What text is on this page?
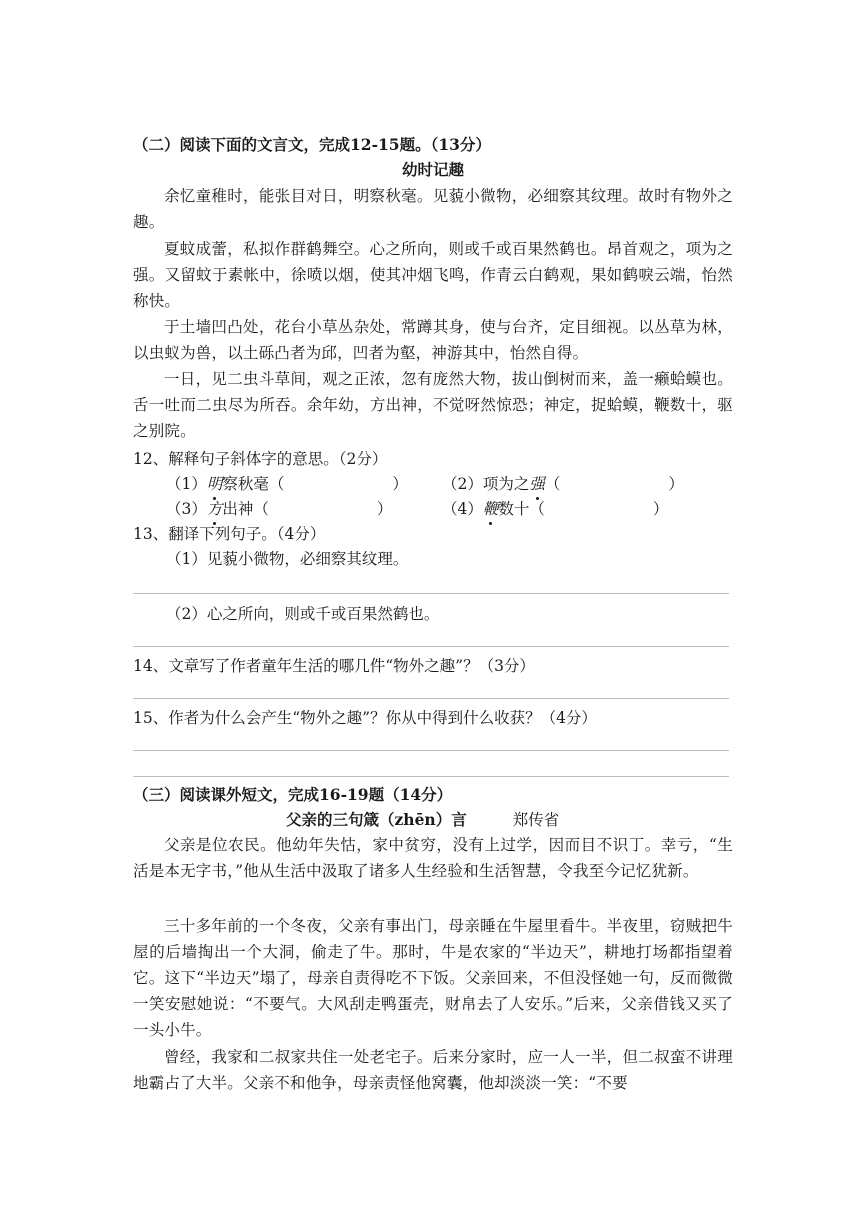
（二）阅读下面的文言文，完成12-15题。（13分）
幼时记趣
余忆童稚时，能张目对日，明察秋毫。见藐小微物，必细察其纹理。故时有物外之趣。
夏蚊成蕾，私拟作群鹤舞空。心之所向，则或千或百果然鹤也。昂首观之，项为之强。又留蚊于素帐中，徐喷以烟，使其冲烟飞鸣，作青云白鹤观，果如鹤唳云端，怡然称快。
于土墙凹凸处，花台小草丛杂处，常蹲其身，使与台齐，定目细视。以丛草为林，以虫蚁为兽，以土砾凸者为邱，凹者为壑，神游其中，怡然自得。
一日，见二虫斗草间，观之正浓，忽有庞然大物，拔山倒树而来，盖一癞蛤蟆也。舌一吐而二虫尽为所吞。余年幼，方出神，不觉呀然惊恐；神定，捉蛤蟆，鞭数十，驱之别院。
12、解释句子斜体字的意思。（2分）
（1）明察秋毫（	） （2）项为之强（	）
（3）方出神（	）	（4）鞭数十（	）
13、翻译下列句子。（4分）
（1）见藐小微物，必细察其纹理。
（2）心之所向，则或千或百果然鹤也。
14、文章写了作者童年生活的哪几件“物外之趣”？（3分）
15、作者为什么会产生“物外之趣”？你从中得到什么收获？（4分）
（三）阅读课外短文，完成16-19题（14分）
父亲的三句箴（zhēn）言	郑传省
父亲是位农民。他幼年失怙，家中贫穷，没有上过学，因而目不识丁。幸亏，“生活是本无字书，”他从生活中汲取了诸多人生经验和生活智慧，令我至今记忆犹新。
三十多年前的一个冬夜，父亲有事出门，母亲睡在牛屋里看牛。半夜里，窃贼把牛屋的后墙掏出一个大洞，偷走了牛。那时，牛是农家的“半边天”，耕地打场都指望着它。这下“半边天”塌了，母亲自责得吃不下饭。父亲回来，不但没怪她一句，反而微微一笑安慰她说：“不要气。大风刮走鸭蛋壳，财帛去了人安乐。”后来，父亲借钱又买了一头小牛。
曾经，我家和二叔家共住一处老宅子。后来分家时，应一人一半，但二叔蛮不讲理地霸占了大半。父亲不和他争，母亲责怪他窝囊，他却淡淡一笑：“不要
